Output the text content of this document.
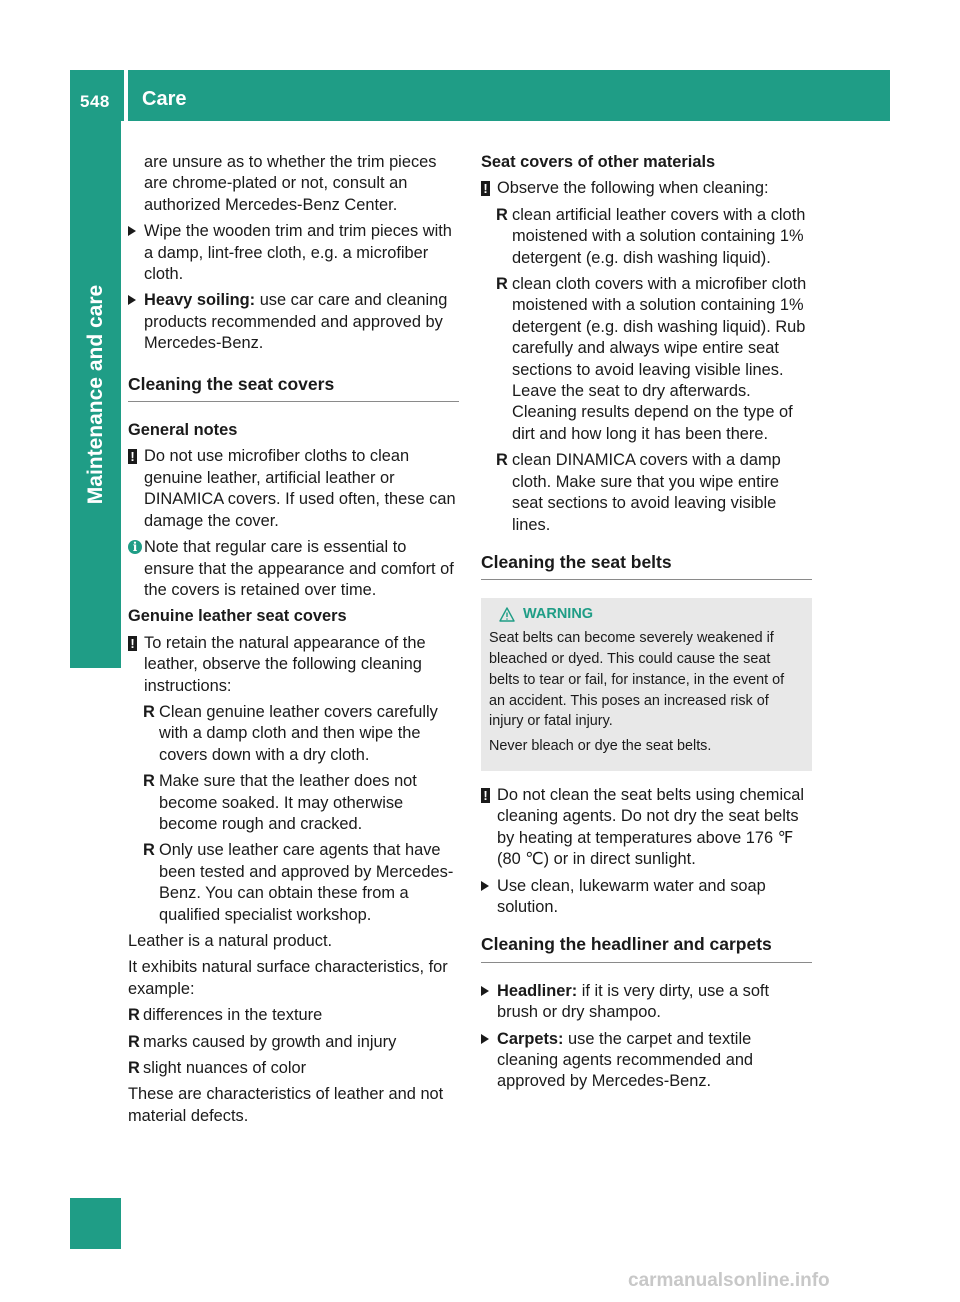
548 Care
Maintenance and care

are unsure as to whether the trim pieces are chrome-plated or not, consult an authorized Mercedes-Benz Center.

Wipe the wooden trim and trim pieces with a damp, lint-free cloth, e.g. a microfiber cloth.
Heavy soiling: use car care and cleaning products recommended and approved by Mercedes-Benz.
Cleaning the seat covers
General notes
! Do not use microfiber cloths to clean genuine leather, artificial leather or DINAMICA covers. If used often, these can damage the cover.
i Note that regular care is essential to ensure that the appearance and comfort of the covers is retained over time.
Genuine leather seat covers
! To retain the natural appearance of the leather, observe the following cleaning instructions:
R Clean genuine leather covers carefully with a damp cloth and then wipe the covers down with a dry cloth.
R Make sure that the leather does not become soaked. It may otherwise become rough and cracked.
R Only use leather care agents that have been tested and approved by Mercedes-Benz. You can obtain these from a qualified specialist workshop.

Leather is a natural product.

It exhibits natural surface characteristics, for example:

R differences in the texture
R marks caused by growth and injury
R slight nuances of color

These are characteristics of leather and not material defects.

Seat covers of other materials
! Observe the following when cleaning:
R clean artificial leather covers with a cloth moistened with a solution containing 1% detergent (e.g. dish washing liquid).
R clean cloth covers with a microfiber cloth moistened with a solution containing 1% detergent (e.g. dish washing liquid). Rub carefully and always wipe entire seat sections to avoid leaving visible lines. Leave the seat to dry afterwards. Cleaning results depend on the type of dirt and how long it has been there.
R clean DINAMICA covers with a damp cloth. Make sure that you wipe entire seat sections to avoid leaving visible lines.
Cleaning the seat belts
WARNING

Seat belts can become severely weakened if bleached or dyed. This could cause the seat belts to tear or fail, for instance, in the event of an accident. This poses an increased risk of injury or fatal injury.

Never bleach or dye the seat belts.

! Do not clean the seat belts using chemical cleaning agents. Do not dry the seat belts by heating at temperatures above 176 ℉ (80 ℃) or in direct sunlight.
Use clean, lukewarm water and soap solution.
Cleaning the headliner and carpets
Headliner: if it is very dirty, use a soft brush or dry shampoo.
Carpets: use the carpet and textile cleaning agents recommended and approved by Mercedes-Benz.
carmanualsonline.info
